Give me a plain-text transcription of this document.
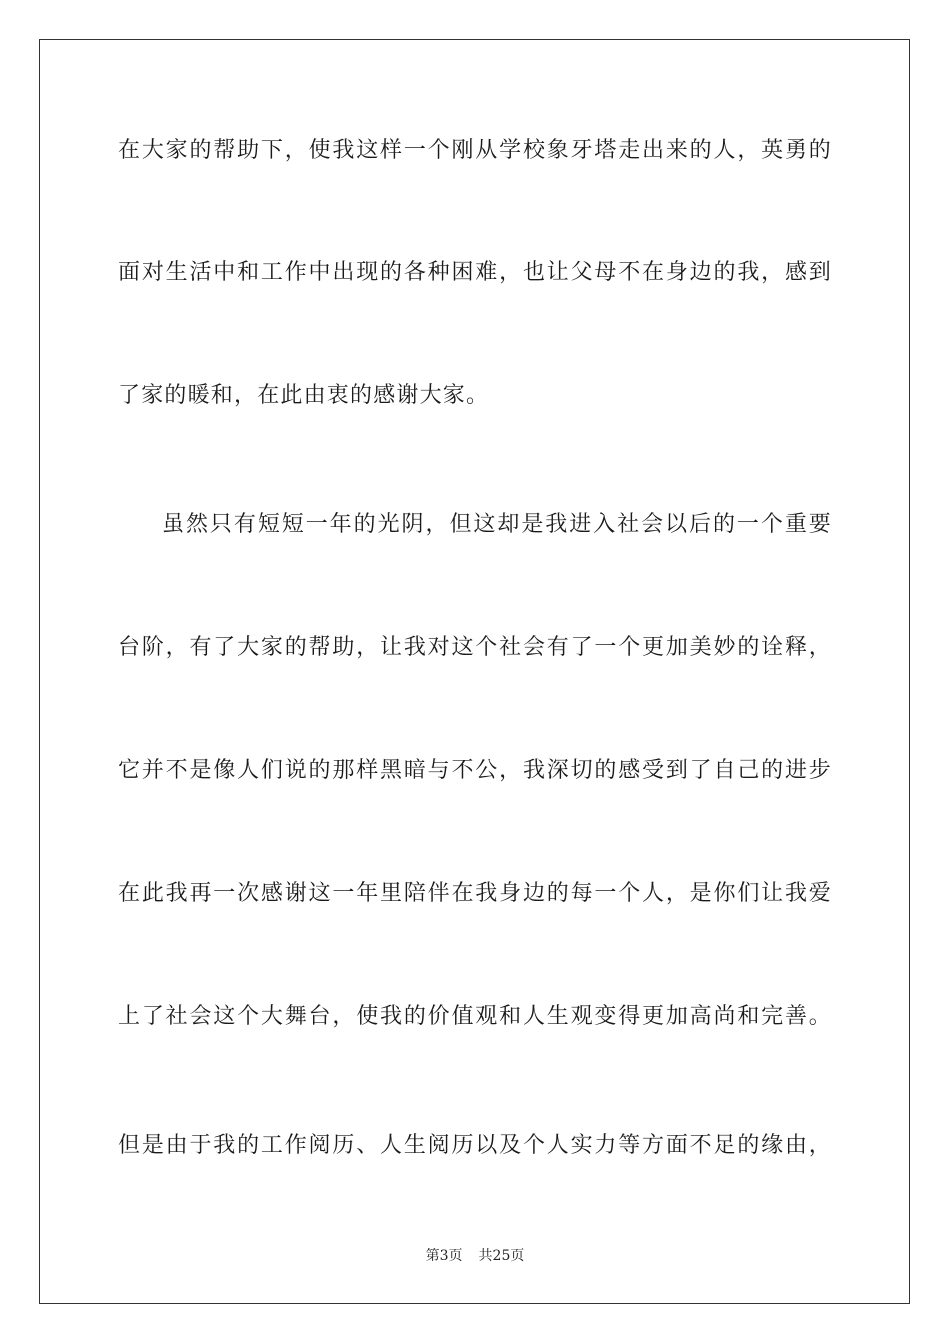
在大家的帮助下，使我这样一个刚从学校象牙塔走出来的人，英勇的
面对生活中和工作中出现的各种困难，也让父母不在身边的我，感到
了家的暖和，在此由衷的感谢大家。
虽然只有短短一年的光阴，但这却是我进入社会以后的一个重要
台阶，有了大家的帮助，让我对这个社会有了一个更加美妙的诠释，
它并不是像人们说的那样黑暗与不公，我深切的感受到了自己的进步
在此我再一次感谢这一年里陪伴在我身边的每一个人，是你们让我爱
上了社会这个大舞台，使我的价值观和人生观变得更加高尚和完善。
但是由于我的工作阅历、人生阅历以及个人实力等方面不足的缘由，
第3页 共25页
